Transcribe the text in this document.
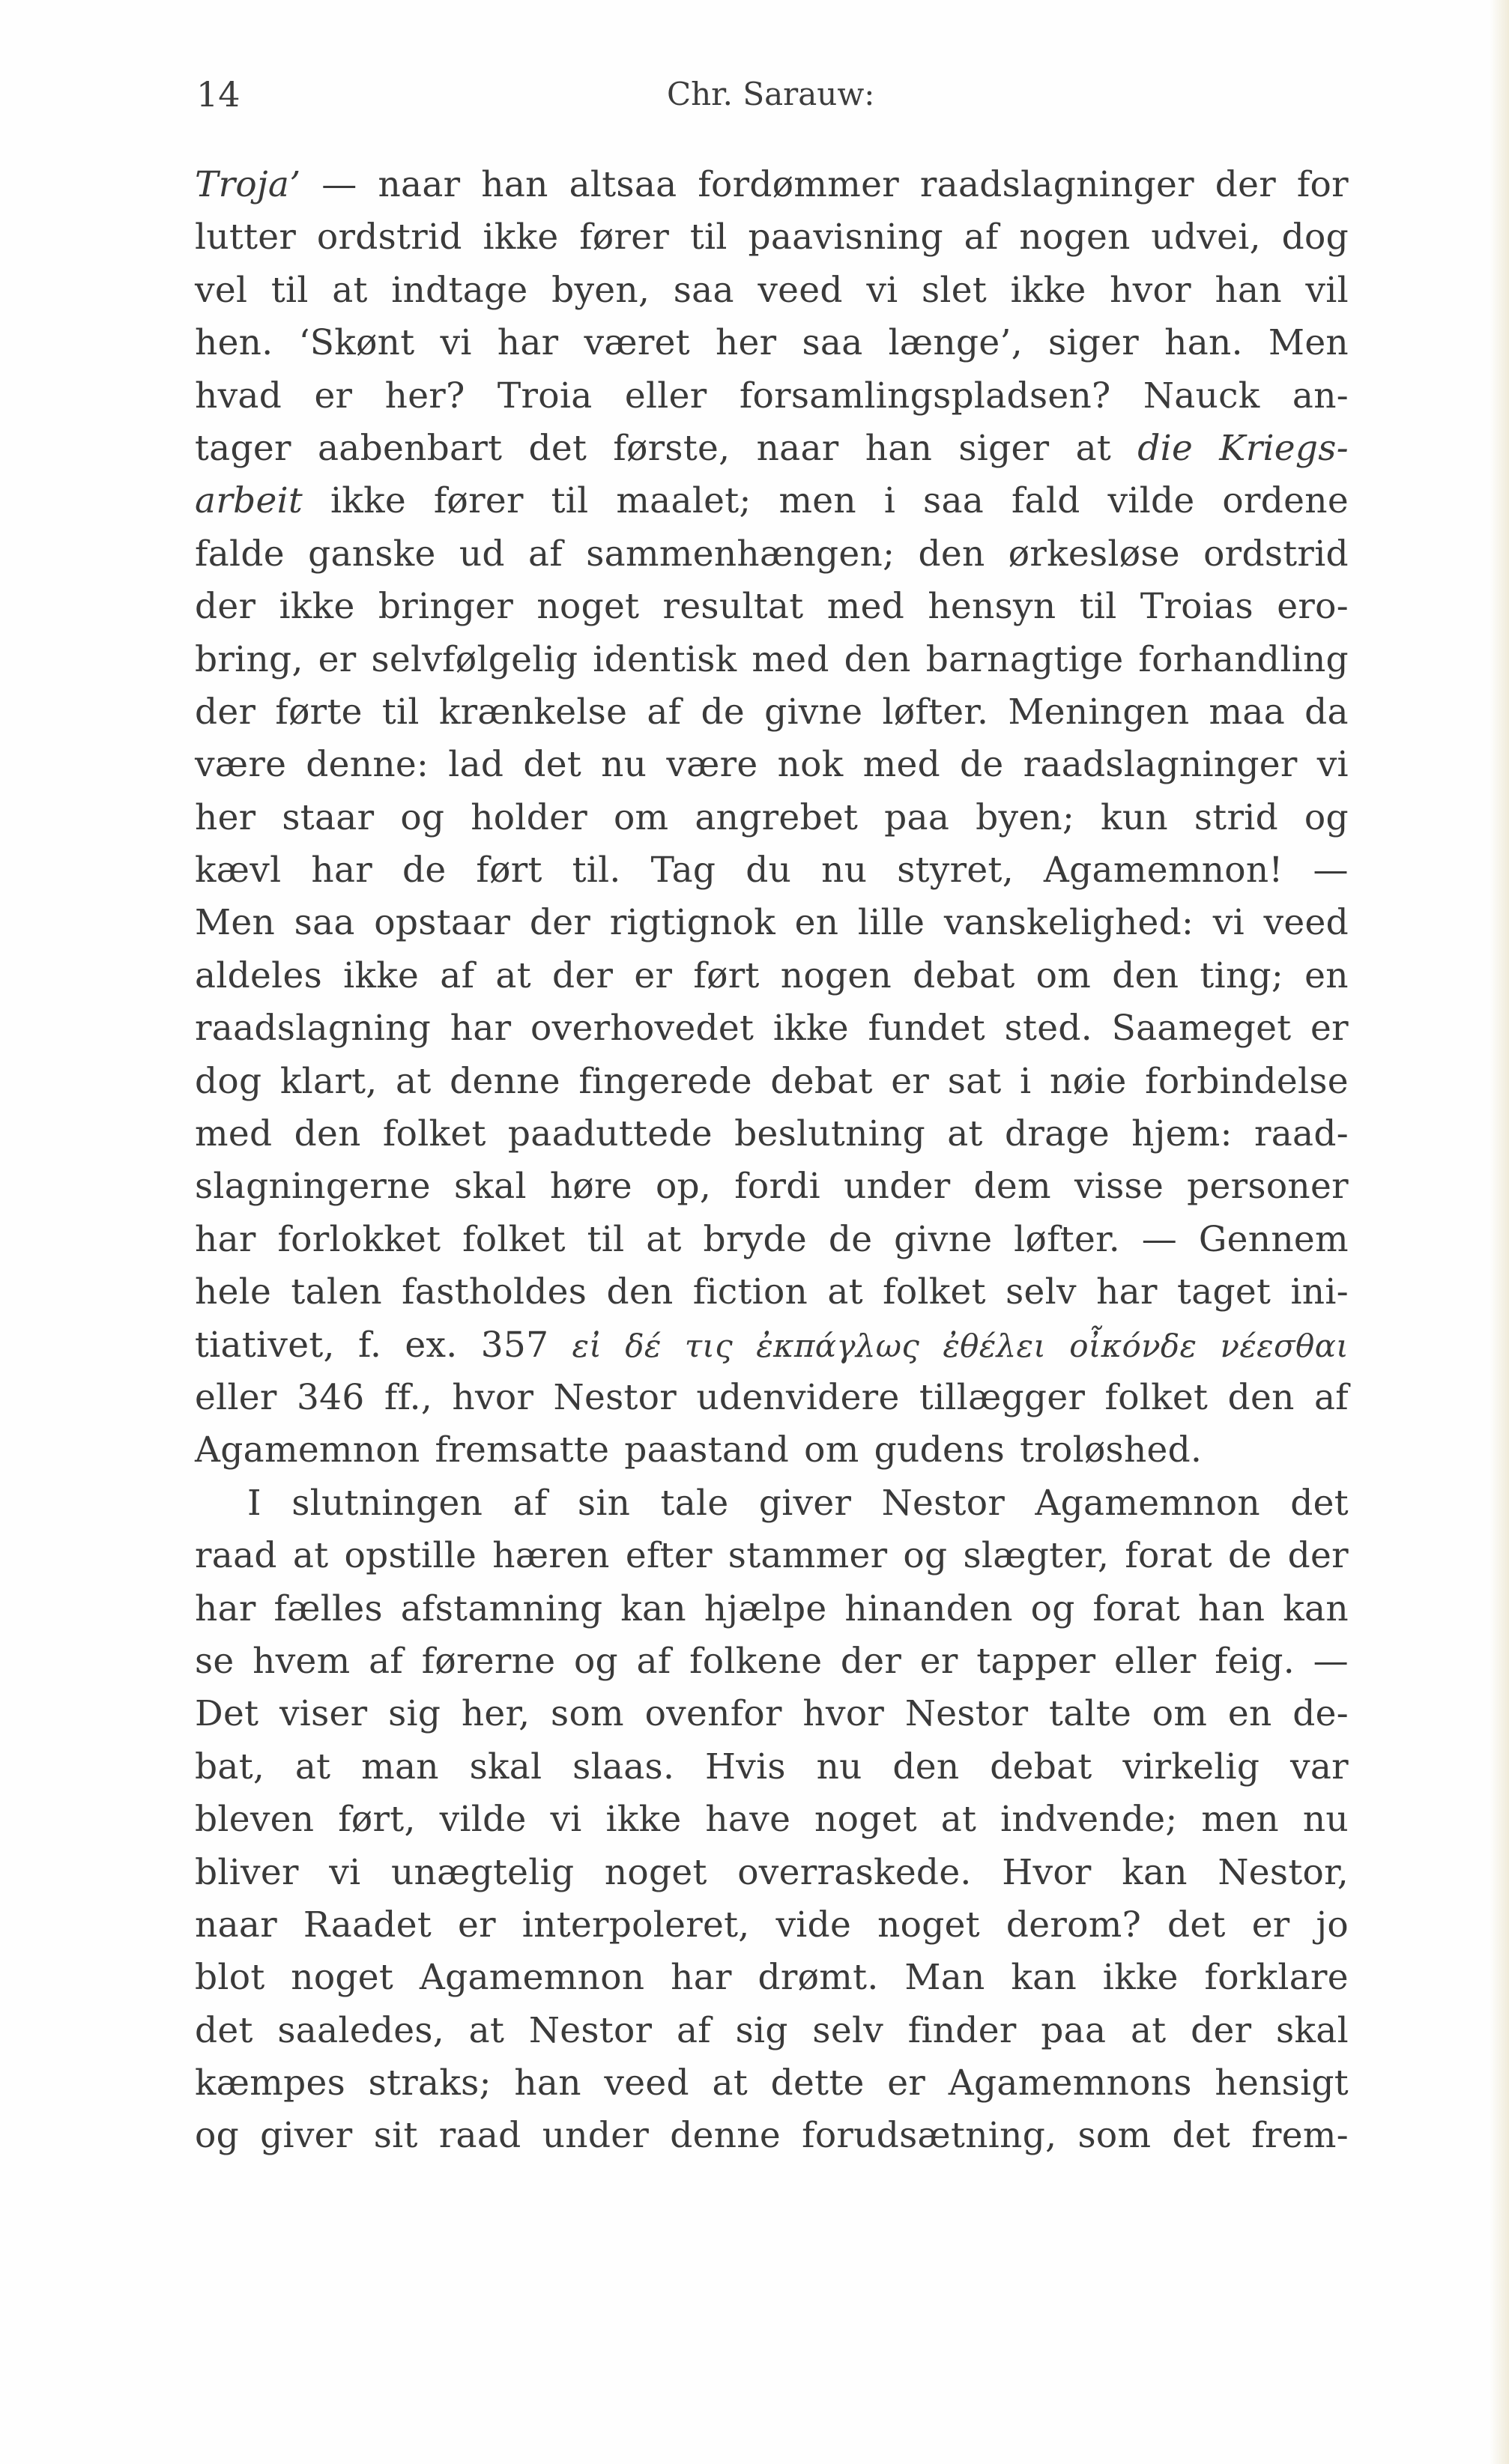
14	Chr. Sarauw:
Troja’ — naar han altsaa fordømmer raadslagninger der for
lutter ordstrid ikke fører til paavisning af nogen udvei, dog
vel til at indtage byen, saa veed vi slet ikke hvor han vil
hen. ‘Skønt vi har været her saa længe’, siger han. Men
hvad er her? Troia eller forsamlingspladsen? Nauck an-
tager aabenbart det første, naar han siger at die Kriegs-
arbeit ikke fører til maalet; men i saa fald vilde ordene
falde ganske ud af sammenhængen; den ørkesløse ordstrid
der ikke bringer noget resultat med hensyn til Troias ero-
bring, er selvfølgelig identisk med den barnagtige forhandling
der førte til krænkelse af de givne løfter. Meningen maa da
være denne: lad det nu være nok med de raadslagninger vi
her staar og holder om angrebet paa byen; kun strid og
kævl har de ført til. Tag du nu styret, Agamemnon! —
Men saa opstaar der rigtignok en lille vanskelighed: vi veed
aldeles ikke af at der er ført nogen debat om den ting; en
raadslagning har overhovedet ikke fundet sted. Saameget er
dog klart, at denne fingerede debat er sat i nøie forbindelse
med den folket paaduttede beslutning at drage hjem: raad-
slagningerne skal høre op, fordi under dem visse personer
har forlokket folket til at bryde de givne løfter. — Gennem
hele talen fastholdes den fiction at folket selv har taget ini-
tiativet, f. ex. 357 εἰ δέ τις ἐκπάγλως ἐθέλει οἶκόνδε νέεσθαι
eller 346 ff., hvor Nestor udenvidere tillægger folket den af
Agamemnon fremsatte paastand om gudens troløshed.
I slutningen af sin tale giver Nestor Agamemnon det
raad at opstille hæren efter stammer og slægter, forat de der
har fælles afstamning kan hjælpe hinanden og forat han kan
se hvem af førerne og af folkene der er tapper eller feig. —
Det viser sig her, som ovenfor hvor Nestor talte om en de-
bat, at man skal slaas. Hvis nu den debat virkelig var
bleven ført, vilde vi ikke have noget at indvende; men nu
bliver vi unægtelig noget overraskede. Hvor kan Nestor,
naar Raadet er interpoleret, vide noget derom? det er jo
blot noget Agamemnon har drømt. Man kan ikke forklare
det saaledes, at Nestor af sig selv finder paa at der skal
kæmpes straks; han veed at dette er Agamemnons hensigt
og giver sit raad under denne forudsætning, som det frem-
